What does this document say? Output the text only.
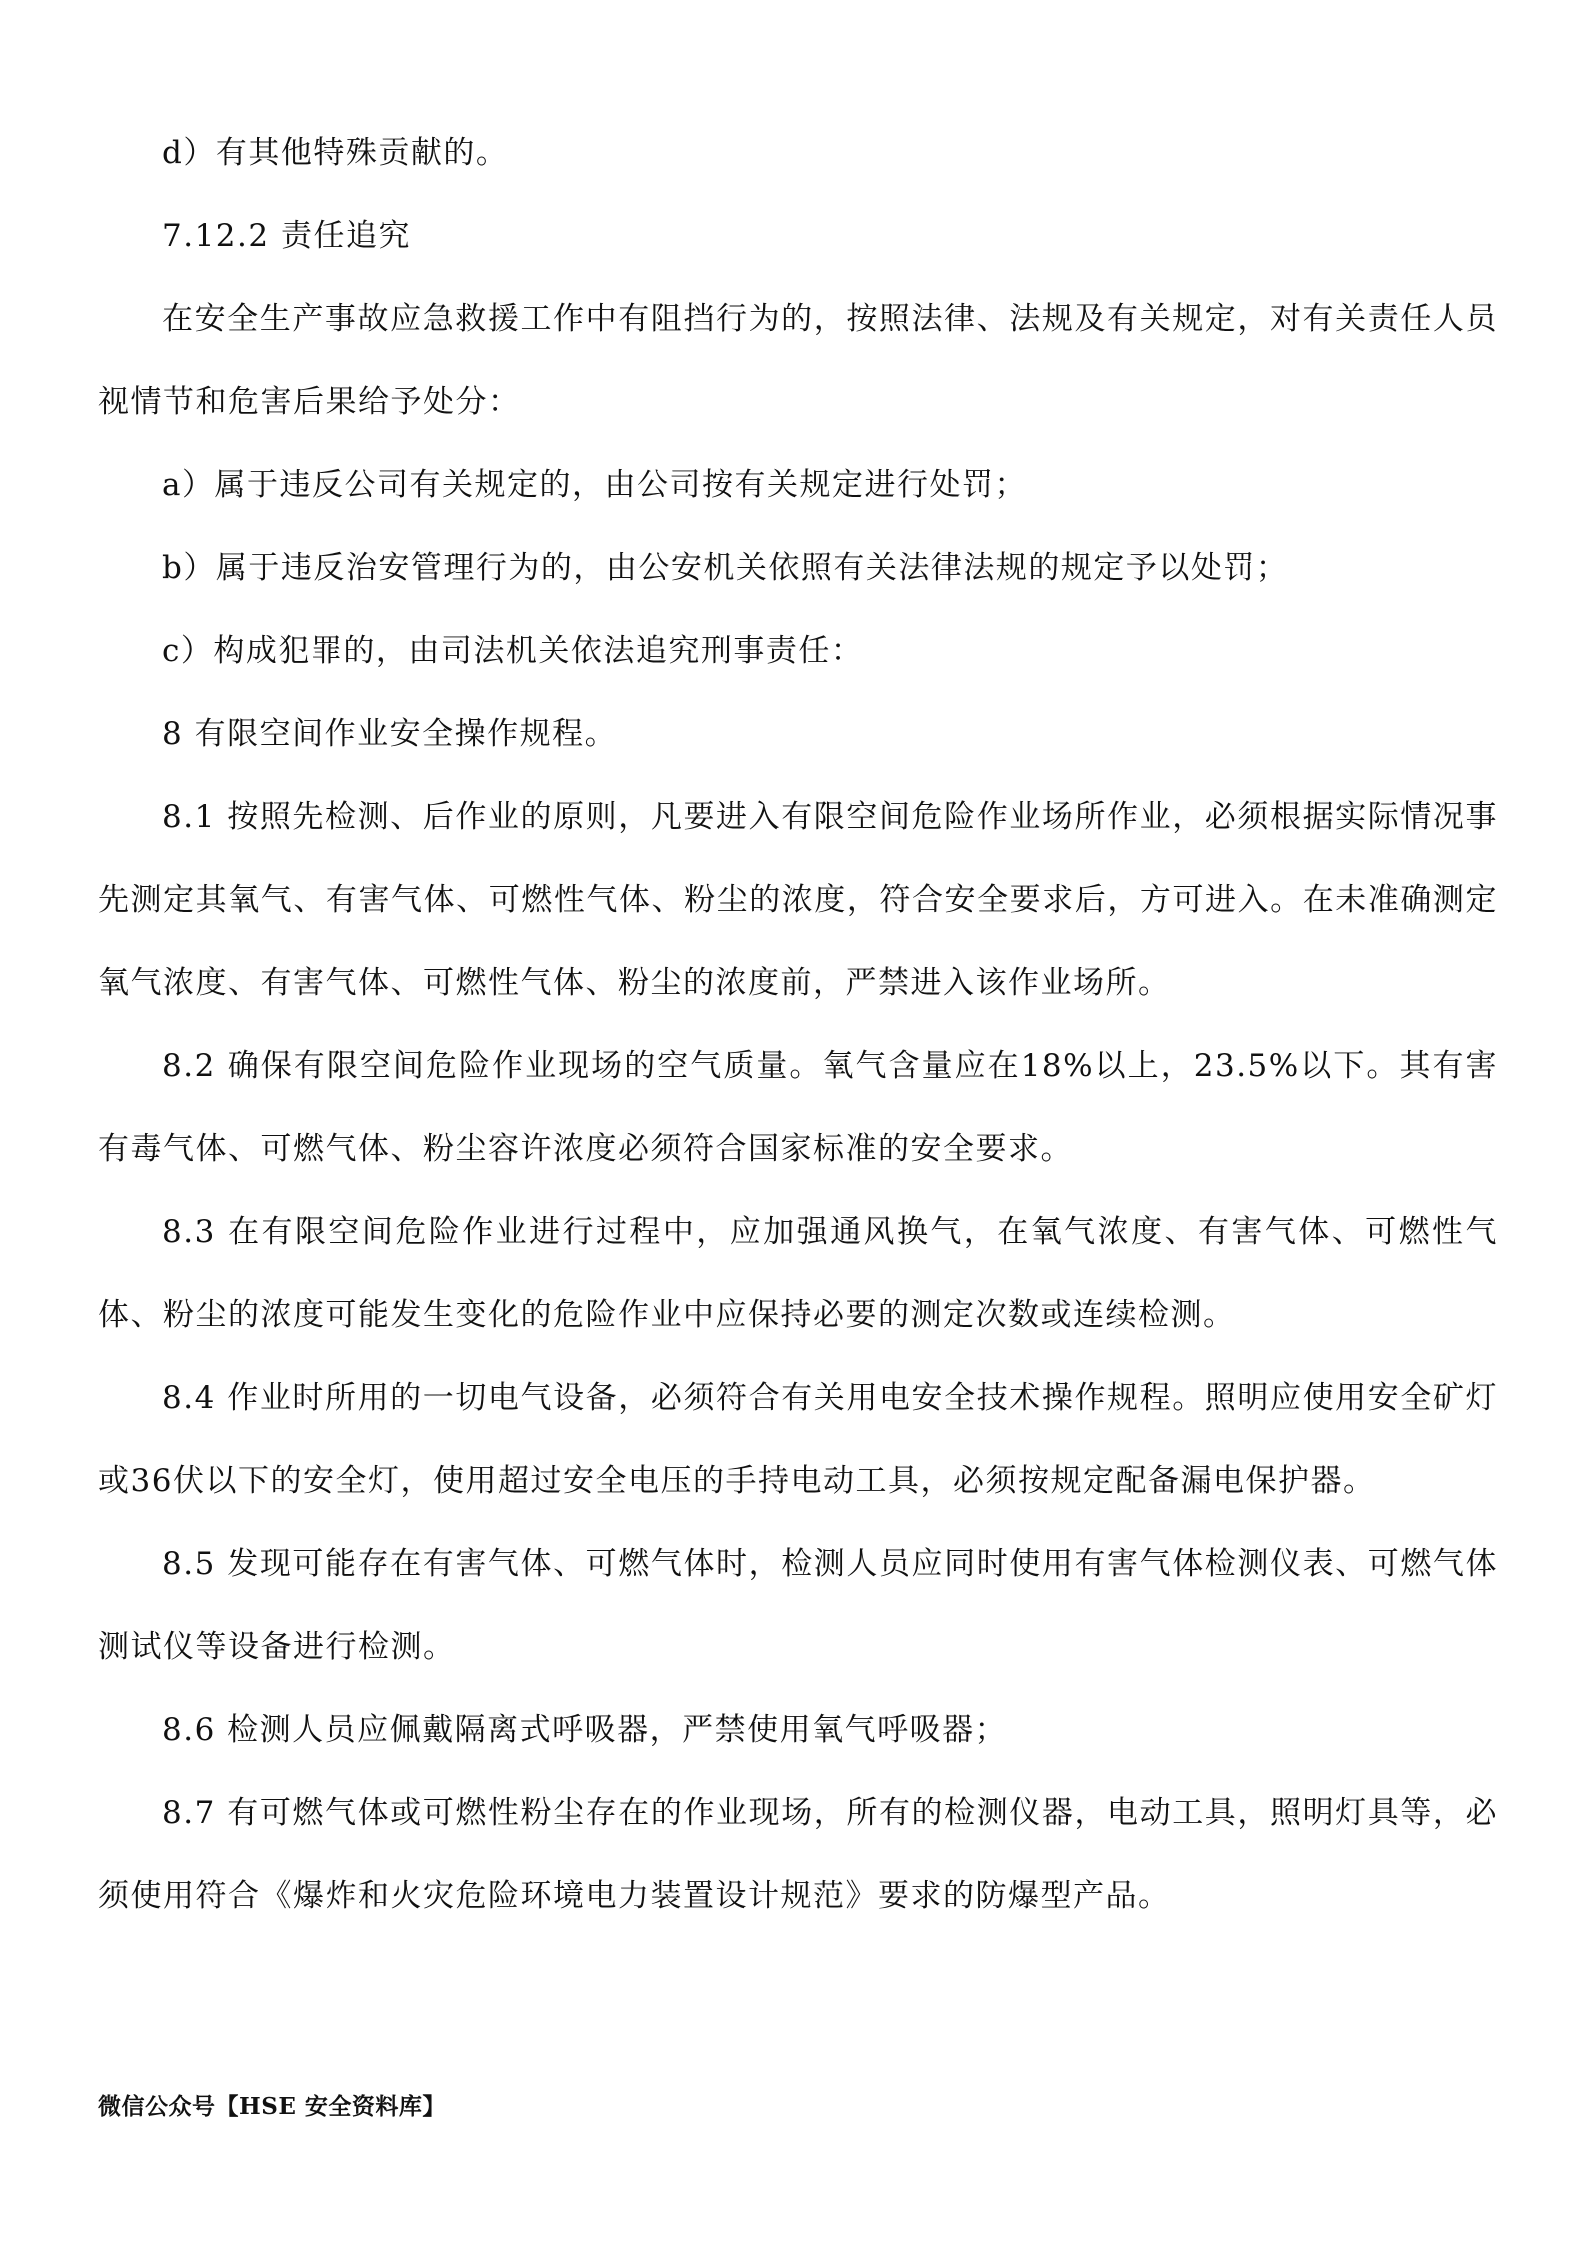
d）有其他特殊贡献的。

7.12.2 责任追究

在安全生产事故应急救援工作中有阻挡行为的，按照法律、法规及有关规定，对有关责任人员视情节和危害后果给予处分：

a）属于违反公司有关规定的，由公司按有关规定进行处罚；

b）属于违反治安管理行为的，由公安机关依照有关法律法规的规定予以处罚；

c）构成犯罪的，由司法机关依法追究刑事责任：

8 有限空间作业安全操作规程。

8.1 按照先检测、后作业的原则，凡要进入有限空间危险作业场所作业，必须根据实际情况事先测定其氧气、有害气体、可燃性气体、粉尘的浓度，符合安全要求后，方可进入。在未准确测定氧气浓度、有害气体、可燃性气体、粉尘的浓度前，严禁进入该作业场所。

8.2 确保有限空间危险作业现场的空气质量。氧气含量应在18%以上，23.5%以下。其有害有毒气体、可燃气体、粉尘容许浓度必须符合国家标准的安全要求。

8.3 在有限空间危险作业进行过程中，应加强通风换气，在氧气浓度、有害气体、可燃性气体、粉尘的浓度可能发生变化的危险作业中应保持必要的测定次数或连续检测。

8.4 作业时所用的一切电气设备，必须符合有关用电安全技术操作规程。照明应使用安全矿灯或36伏以下的安全灯，使用超过安全电压的手持电动工具，必须按规定配备漏电保护器。

8.5 发现可能存在有害气体、可燃气体时，检测人员应同时使用有害气体检测仪表、可燃气体测试仪等设备进行检测。

8.6 检测人员应佩戴隔离式呼吸器，严禁使用氧气呼吸器；

8.7 有可燃气体或可燃性粉尘存在的作业现场，所有的检测仪器，电动工具，照明灯具等，必须使用符合《爆炸和火灾危险环境电力装置设计规范》要求的防爆型产品。

微信公众号【HSE 安全资料库】
